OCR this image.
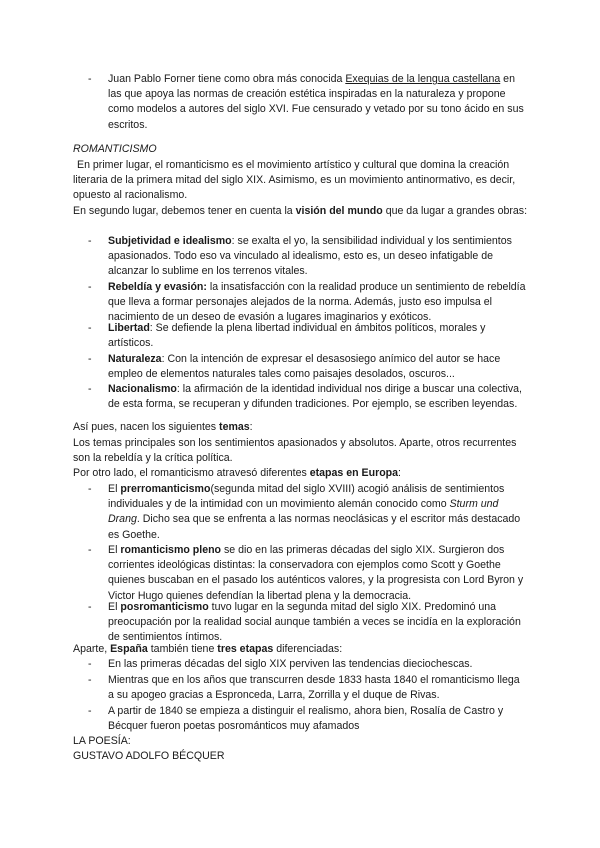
- Juan Pablo Forner tiene como obra más conocida Exequias de la lengua castellana en las que apoya las normas de creación estética inspiradas en la naturaleza y propone como modelos a autores del siglo XVI. Fue censurado y vetado por su tono ácido en sus escritos.

ROMANTICISMO

En primer lugar, el romanticismo es el movimiento artístico y cultural que domina la creación literaria de la primera mitad del siglo XIX. Asimismo, es un movimiento antinormativo, es decir, opuesto al racionalismo.

En segundo lugar, debemos tener en cuenta la visión del mundo que da lugar a grandes obras:

- Subjetividad e idealismo: se exalta el yo, la sensibilidad individual y los sentimientos apasionados. Todo eso va vinculado al idealismo, esto es, un deseo infatigable de alcanzar lo sublime en los terrenos vitales.

- Rebeldía y evasión: la insatisfacción con la realidad produce un sentimiento de rebeldía que lleva a formar personajes alejados de la norma. Además, justo eso impulsa el nacimiento de un deseo de evasión a lugares imaginarios y exóticos.

- Libertad: Se defiende la plena libertad individual en ámbitos políticos, morales y artísticos.

- Naturaleza: Con la intención de expresar el desasosiego anímico del autor se hace empleo de elementos naturales tales como paisajes desolados, oscuros...

- Nacionalismo: la afirmación de la identidad individual nos dirige a buscar una colectiva, de esta forma, se recuperan y difunden tradiciones. Por ejemplo, se escriben leyendas.

Así pues, nacen los siguientes temas:

Los temas principales son los sentimientos apasionados y absolutos. Aparte, otros recurrentes son la rebeldía y la crítica política.

Por otro lado, el romanticismo atravesó diferentes etapas en Europa:

- El prerromanticismo(segunda mitad del siglo XVIII) acogió análisis de sentimientos individuales y de la intimidad con un movimiento alemán conocido como Sturm und Drang. Dicho sea que se enfrenta a las normas neoclásicas y el escritor más destacado es Goethe.

- El romanticismo pleno se dio en las primeras décadas del siglo XIX. Surgieron dos corrientes ideológicas distintas: la conservadora con ejemplos como Scott y Goethe quienes buscaban en el pasado los auténticos valores, y la progresista con Lord Byron y Victor Hugo quienes defendían la libertad plena y la democracia.

- El posromanticismo tuvo lugar en la segunda mitad del siglo XIX. Predominó una preocupación por la realidad social aunque también a veces se incidía en la exploración de sentimientos íntimos.

Aparte, España también tiene tres etapas diferenciadas:

- En las primeras décadas del siglo XIX perviven las tendencias dieciochescas.

- Mientras que en los años que transcurren desde 1833 hasta 1840 el romanticismo llega a su apogeo gracias a Espronceda, Larra, Zorrilla y el duque de Rivas.

- A partir de 1840 se empieza a distinguir el realismo, ahora bien, Rosalía de Castro y Bécquer fueron poetas posrománticos muy afamados

LA POESÍA:

GUSTAVO ADOLFO BÉCQUER
